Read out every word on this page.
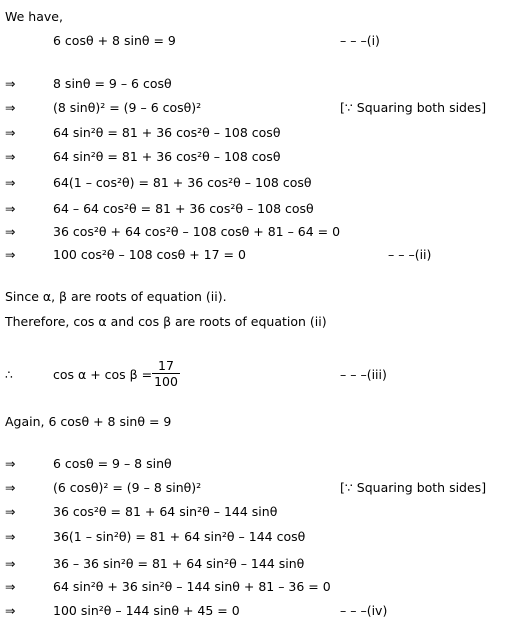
We have,
6 cosθ + 8 sinθ = 9	– – –(i)
⇒	8 sinθ = 9 – 6 cosθ
⇒	(8 sinθ)² = (9 – 6 cosθ)²	[∵ Squaring both sides]
⇒	64 sin²θ = 81 + 36 cos²θ – 108 cosθ
⇒	64 sin²θ = 81 + 36 cos²θ – 108 cosθ
⇒	64(1 – cos²θ) = 81 + 36 cos²θ – 108 cosθ
⇒	64 – 64 cos²θ = 81 + 36 cos²θ – 108 cosθ
⇒	36 cos²θ + 64 cos²θ – 108 cosθ + 81 – 64 = 0
⇒	100 cos²θ – 108 cosθ + 17 = 0	– – –(ii)
Since α, β are roots of equation (ii).
Therefore, cos α and cos β are roots of equation (ii)
∴	$\cos \alpha + \cos \beta = \frac{17}{100}$	– – –(iii)
Again, 6 cosθ + 8 sinθ = 9
⇒	6 cosθ = 9 – 8 sinθ
⇒	(6 cosθ)² = (9 – 8 sinθ)²	[∵ Squaring both sides]
⇒	36 cos²θ = 81 + 64 sin²θ – 144 sinθ
⇒	36(1 – sin²θ) = 81 + 64 sin²θ – 144 cosθ
⇒	36 – 36 sin²θ = 81 + 64 sin²θ – 144 sinθ
⇒	64 sin²θ + 36 sin²θ – 144 sinθ + 81 – 36 = 0
⇒	100 sin²θ – 144 sinθ + 45 = 0	– – –(iv)
